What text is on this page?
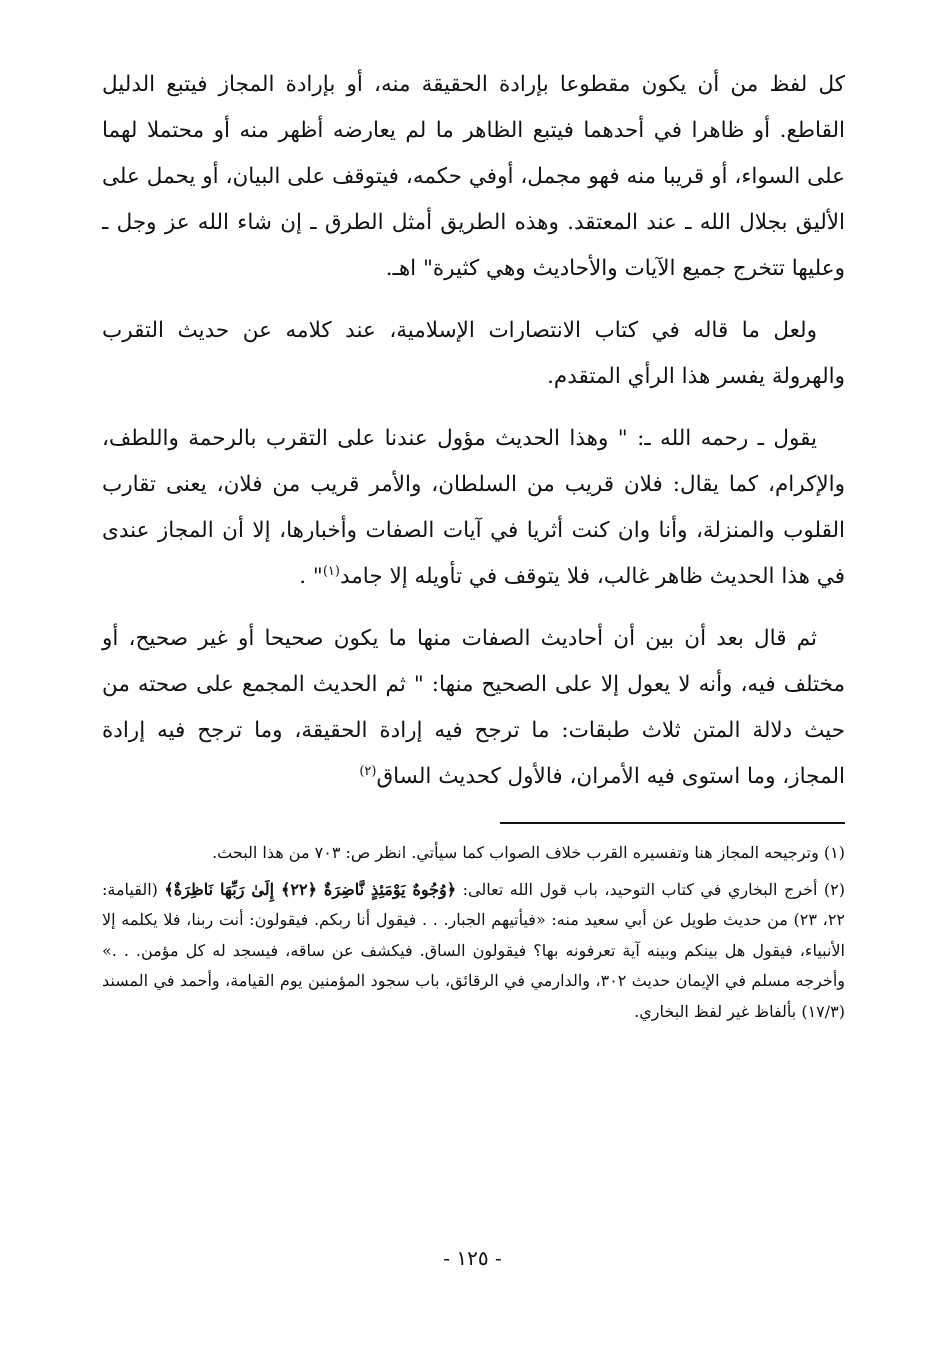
كل لفظ من أن يكون مقطوعا بإرادة الحقيقة منه، أو بإرادة المجاز فيتبع الدليل القاطع. أو ظاهرا في أحدهما فيتبع الظاهر ما لم يعارضه أظهر منه أو محتملا لهما على السواء، أو قريبا منه فهو مجمل، أوفي حكمه، فيتوقف على البيان، أو يحمل على الأليق بجلال الله ـ عند المعتقد. وهذه الطريق أمثل الطرق ـ إن شاء الله عز وجل ـ وعليها تتخرج جميع الآيات والأحاديث وهي كثيرة" اهـ.

ولعل ما قاله في كتاب الانتصارات الإسلامية، عند كلامه عن حديث التقرب والهرولة يفسر هذا الرأي المتقدم.

يقول ـ رحمه الله ـ: " وهذا الحديث مؤول عندنا على التقرب بالرحمة واللطف، والإكرام، كما يقال: فلان قريب من السلطان، والأمر قريب من فلان، يعنى تقارب القلوب والمنزلة، وأنا وان كنت أثريا في آيات الصفات وأخبارها، إلا أن المجاز عندى في هذا الحديث ظاهر غالب، فلا يتوقف في تأويله إلا جامد$^{(١)}$" .

ثم قال بعد أن بين أن أحاديث الصفات منها ما يكون صحيحا أو غير صحيح، أو مختلف فيه، وأنه لا يعول إلا على الصحيح منها: " ثم الحديث المجمع على صحته من حيث دلالة المتن ثلاث طبقات: ما ترجح فيه إرادة الحقيقة، وما ترجح فيه إرادة المجاز، وما استوى فيه الأمران، فالأول كحديث الساق$^{(٢)}$

(١) وترجيحه المجاز هنا وتفسيره القرب خلاف الصواب كما سيأتي. انظر ص: ٧٠٣ من هذا البحث.

(٢) أخرج البخاري في كتاب التوحيد، باب قول الله تعالى: ﴿وُجُوهٌ يَوْمَئِذٍ نَّاضِرَةٌ ﴿٢٢﴾ إِلَىٰ رَبِّهَا نَاظِرَةٌ﴾ (القيامة: ٢٢، ٢٣) من حديث طويل عن أبي سعيد منه: «فيأتيهم الجبار. . . فيقول أنا ربكم. فيقولون: أنت ربنا، فلا يكلمه إلا الأنبياء، فيقول هل بينكم وبينه آية تعرفونه بها؟ فيقولون الساق. فيكشف عن ساقه، فيسجد له كل مؤمن. . .» وأخرجه مسلم في الإيمان حديث ٣٠٢، والدارمي في الرقائق، باب سجود المؤمنين يوم القيامة، وأحمد في المسند (١٧/٣) بألفاظ غير لفظ البخاري.

- ١٢٥ -
